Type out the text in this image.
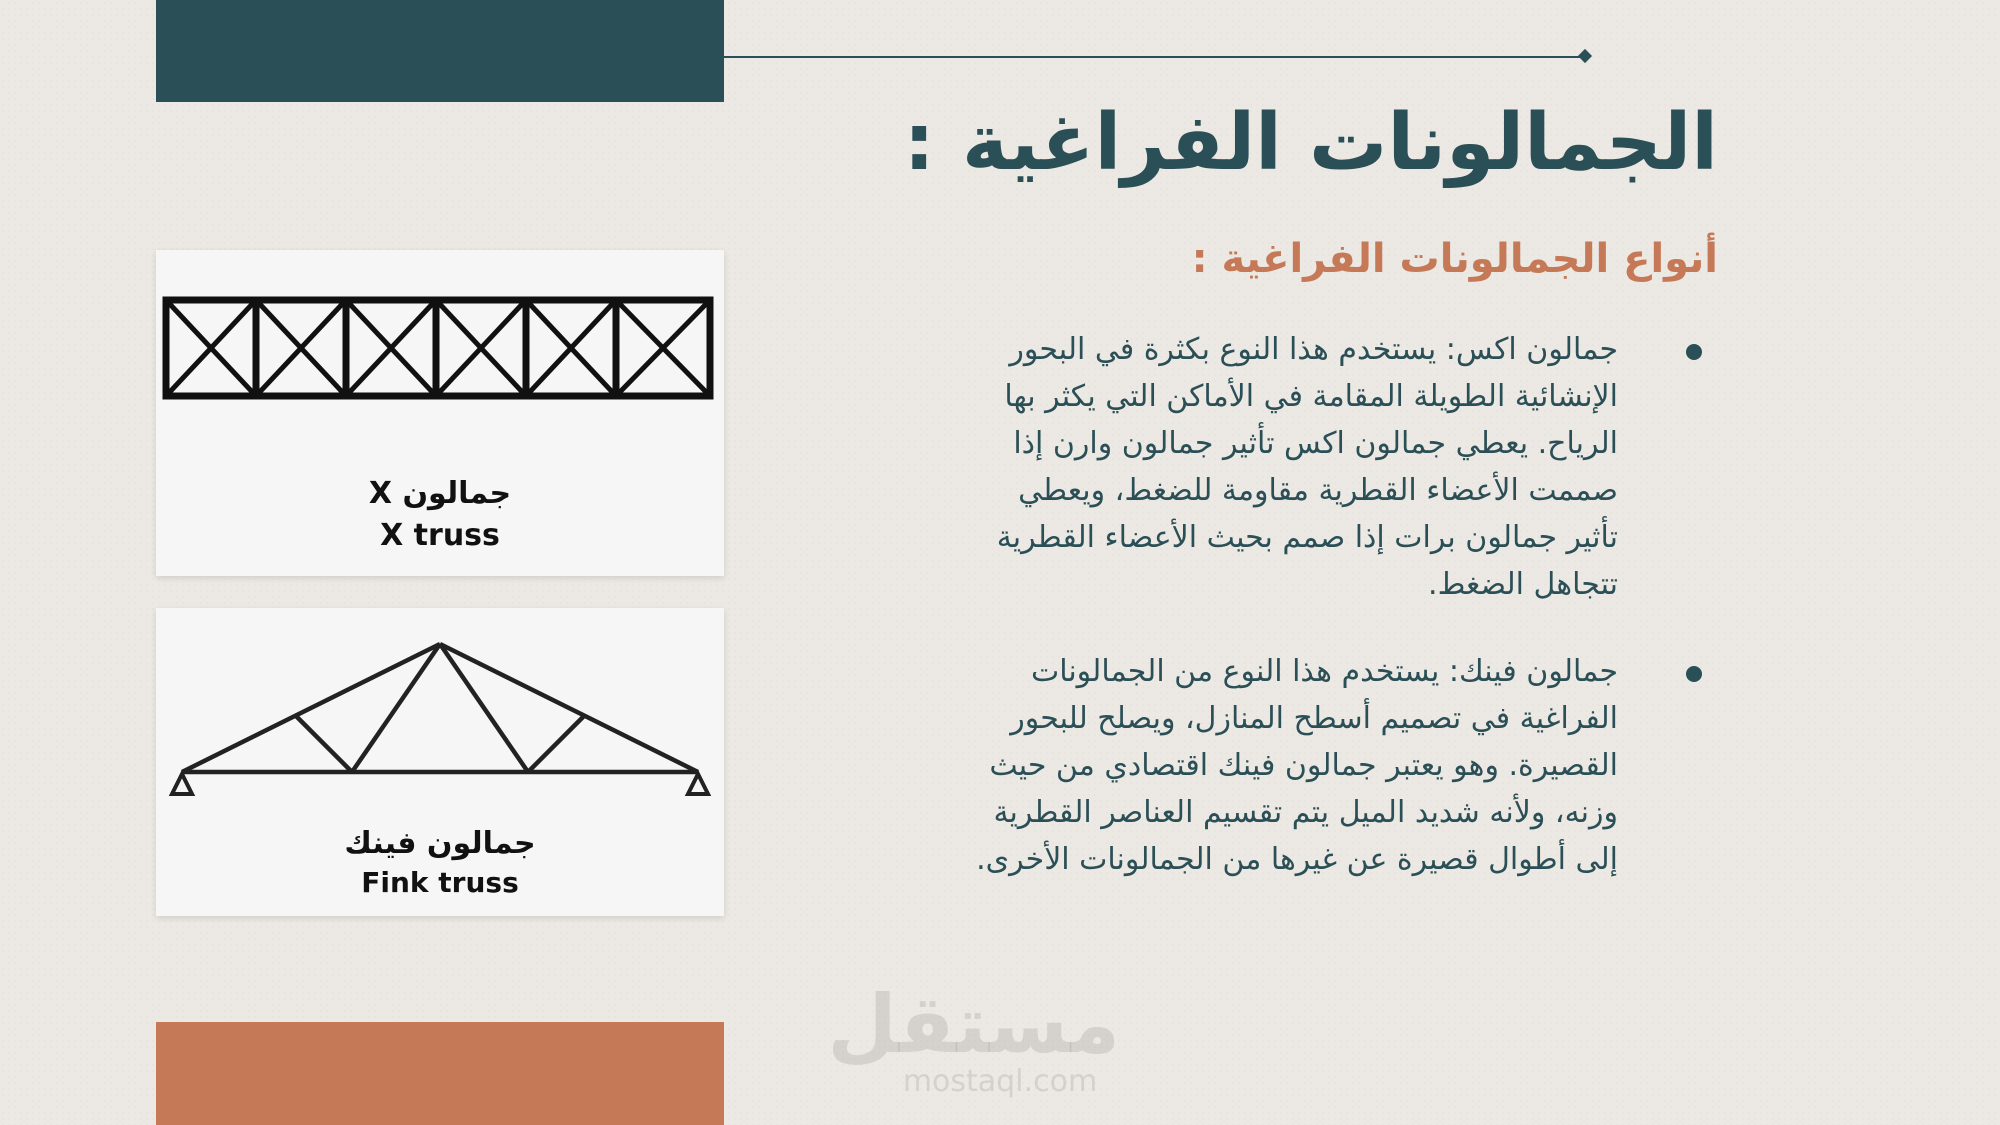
الجمالونات الفراغية :
أنواع الجمالونات الفراغية :
جمالون اكس: يستخدم هذا النوع بكثرة في البحور الإنشائية الطويلة المقامة في الأماكن التي يكثر بها الرياح. يعطي جمالون اكس تأثير جمالون وارن إذا صممت الأعضاء القطرية مقاومة للضغط، ويعطي تأثير جمالون برات إذا صمم بحيث الأعضاء القطرية تتجاهل الضغط.
جمالون فينك: يستخدم هذا النوع من الجمالونات الفراغية في تصميم أسطح المنازل، ويصلح للبحور القصيرة. وهو يعتبر جمالون فينك اقتصادي من حيث وزنه، ولأنه شديد الميل يتم تقسيم العناصر القطرية إلى أطوال قصيرة عن غيرها من الجمالونات الأخرى.
جمالون X
X truss
جمالون فينك
Fink truss
مستقل
mostaql.com
